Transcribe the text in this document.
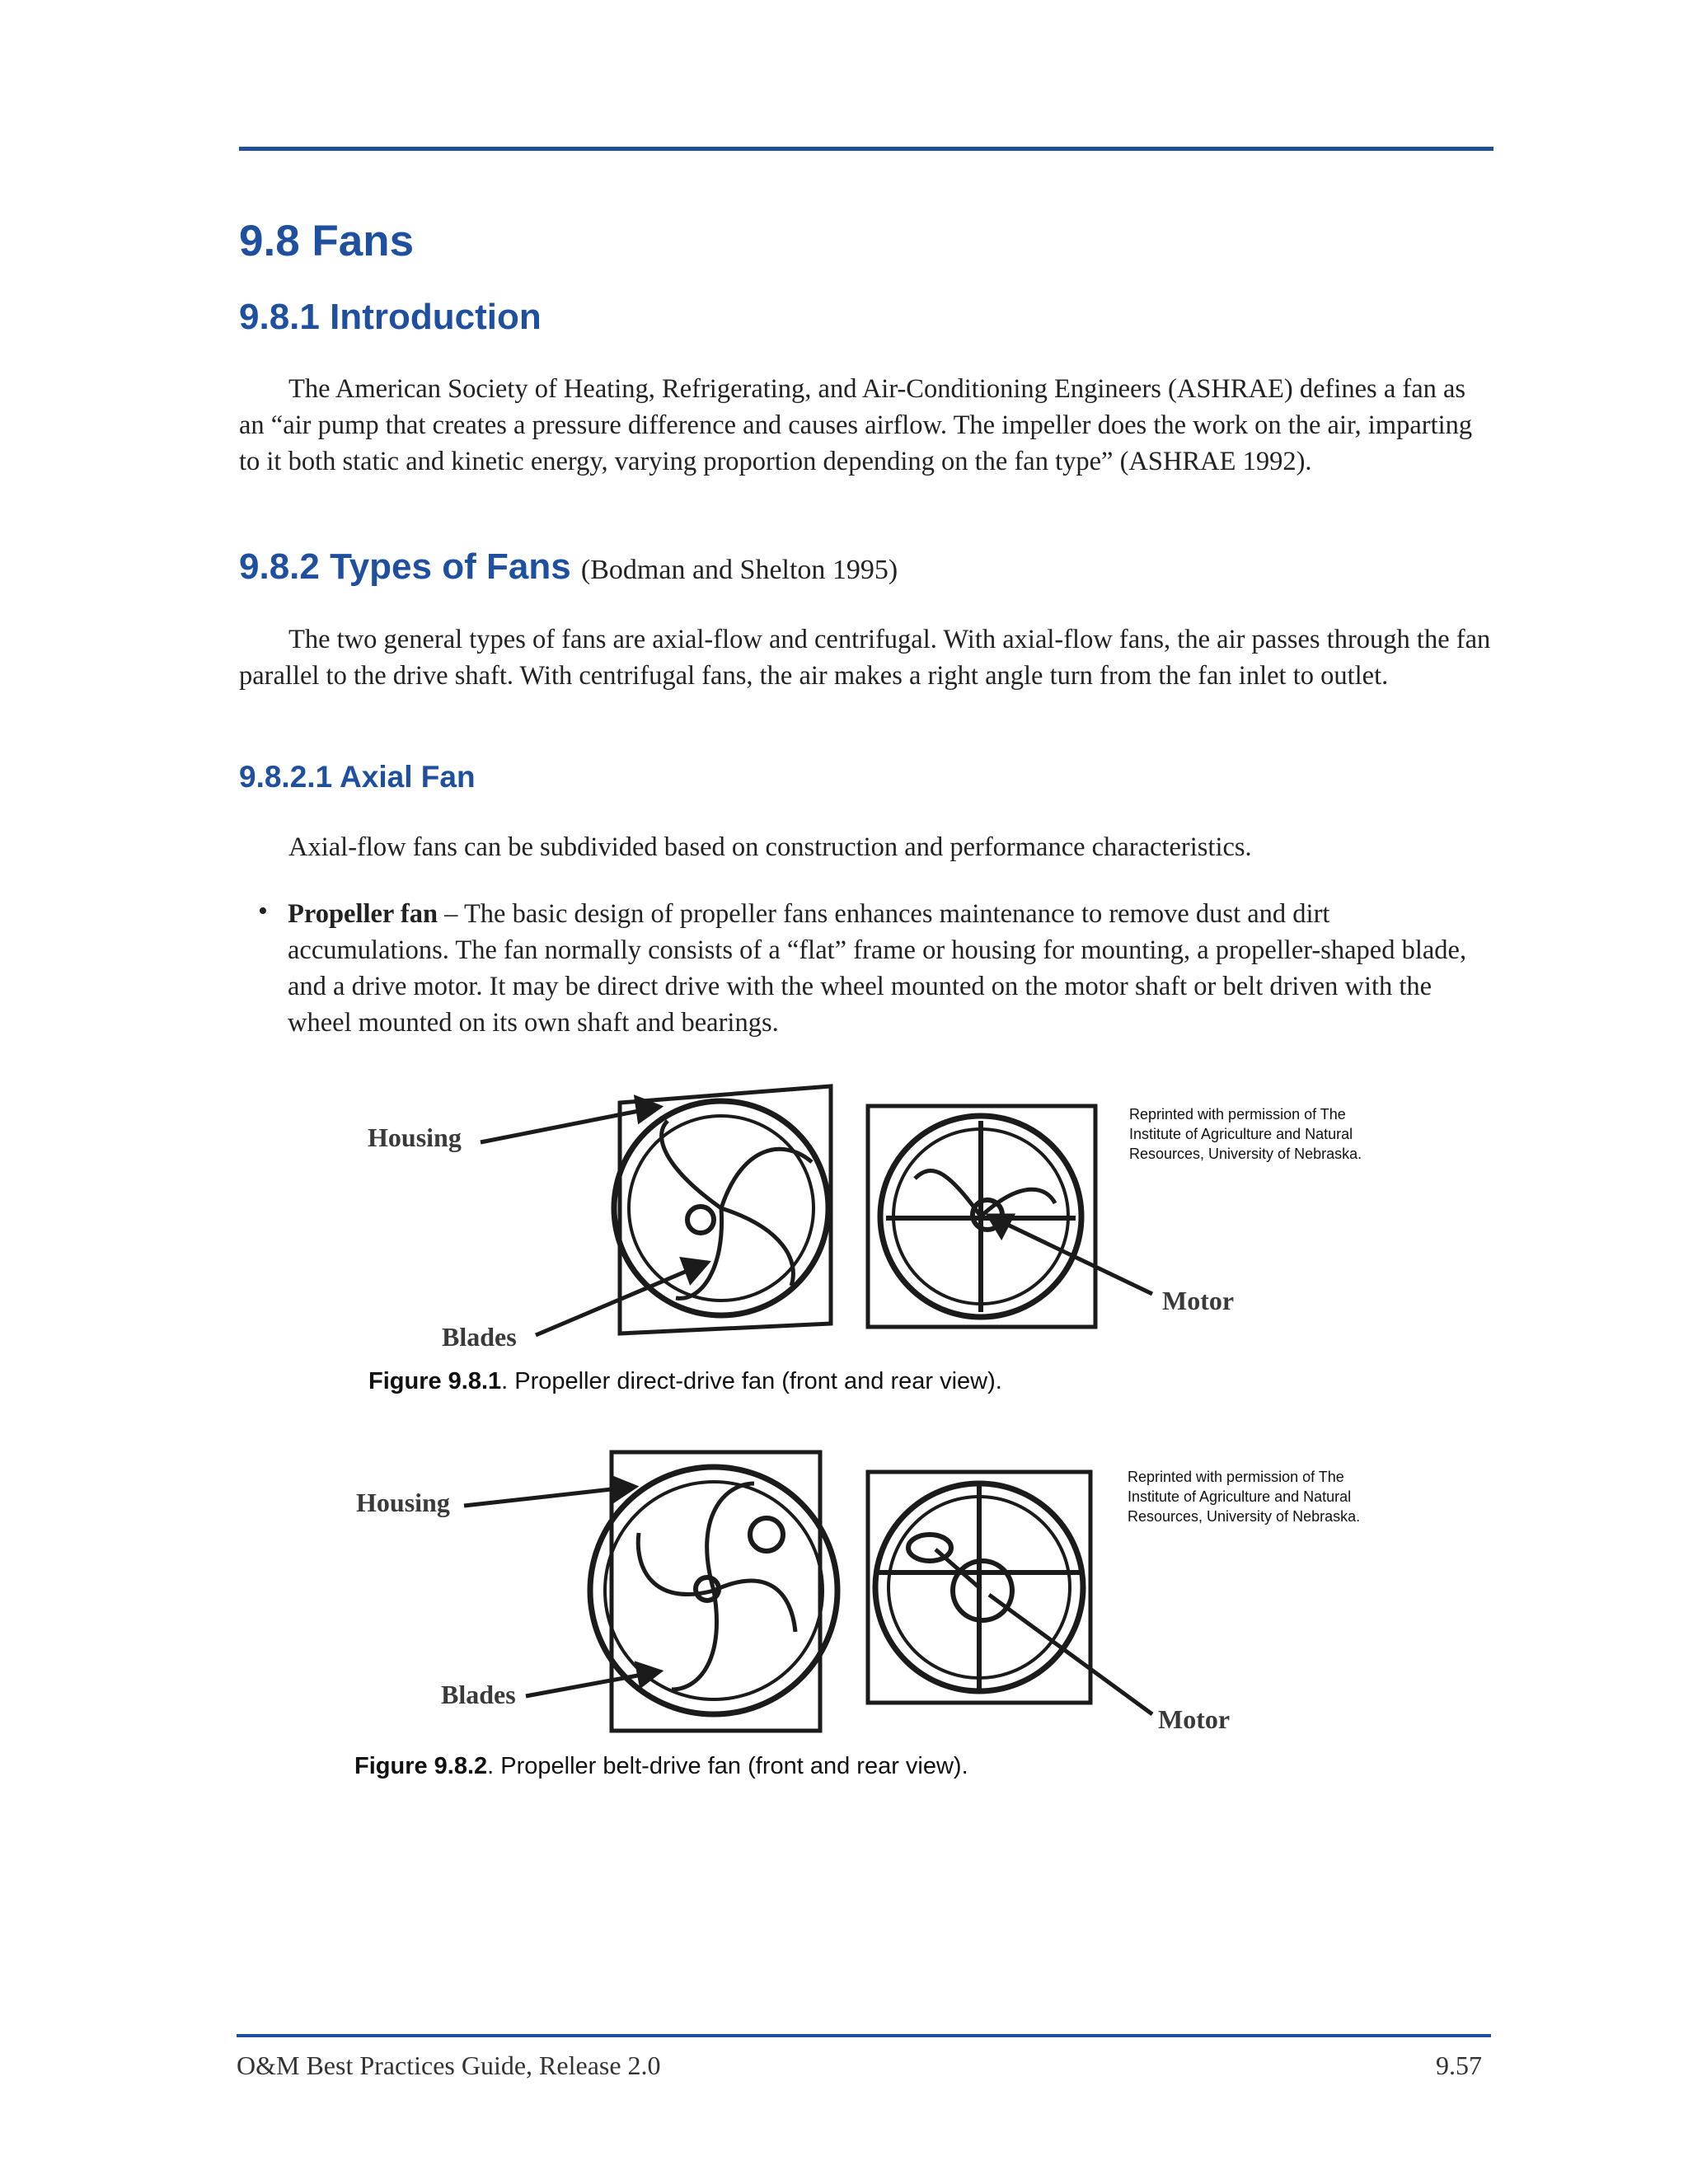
9.8 Fans
9.8.1 Introduction

The American Society of Heating, Refrigerating, and Air-Conditioning Engineers (ASHRAE) defines a fan as an “air pump that creates a pressure difference and causes airflow. The impeller does the work on the air, imparting to it both static and kinetic energy, varying proportion depending on the fan type” (ASHRAE 1992).

9.8.2 Types of Fans (Bodman and Shelton 1995)

The two general types of fans are axial-flow and centrifugal. With axial-flow fans, the air passes through the fan parallel to the drive shaft. With centrifugal fans, the air makes a right angle turn from the fan inlet to outlet.

9.8.2.1 Axial Fan

Axial-flow fans can be subdivided based on construction and performance characteristics.

• Propeller fan – The basic design of propeller fans enhances maintenance to remove dust and dirt accumulations. The fan normally consists of a “flat” frame or housing for mounting, a propeller-shaped blade, and a drive motor. It may be direct drive with the wheel mounted on the motor shaft or belt driven with the wheel mounted on its own shaft and bearings.

Housing
Blades
Motor
Reprinted with permission of The Institute of Agriculture and Natural Resources, University of Nebraska.
Figure 9.8.1. Propeller direct-drive fan (front and rear view).
Housing
Blades
Motor
Reprinted with permission of The Institute of Agriculture and Natural Resources, University of Nebraska.
Figure 9.8.2. Propeller belt-drive fan (front and rear view).
O&M Best Practices Guide, Release 2.0	9.57
